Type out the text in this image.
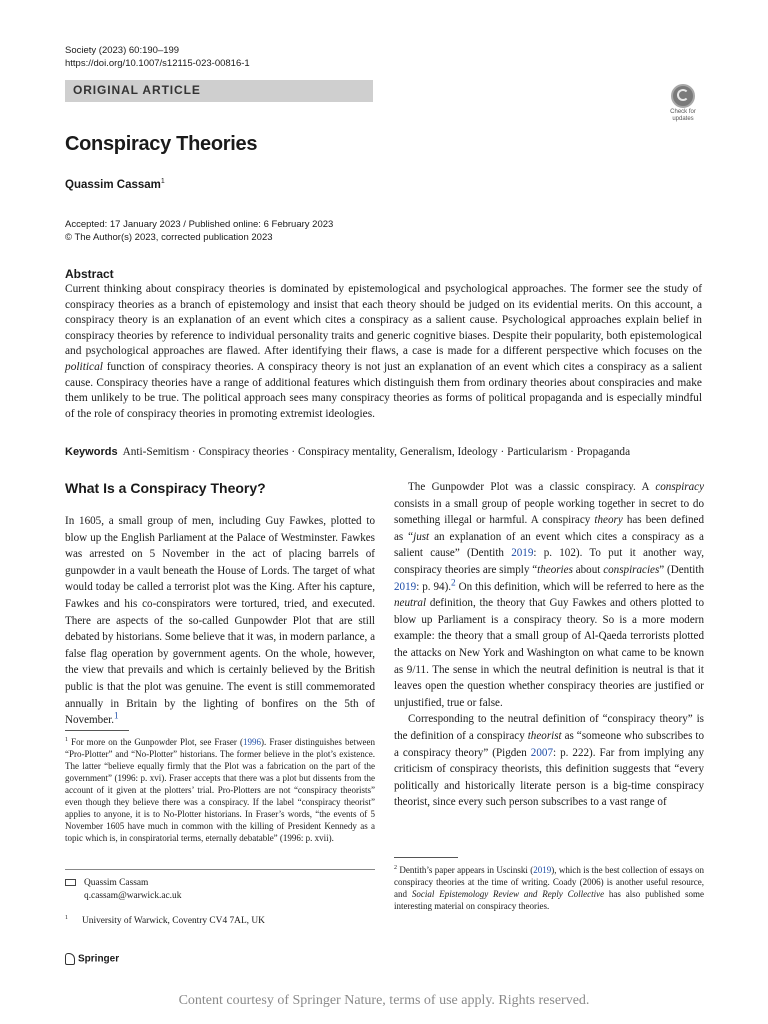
Society (2023) 60:190–199
https://doi.org/10.1007/s12115-023-00816-1
ORIGINAL ARTICLE
Check for
updates
Conspiracy Theories
Quassim Cassam$^1$
Accepted: 17 January 2023 / Published online: 6 February 2023
© The Author(s) 2023, corrected publication 2023
Abstract
Current thinking about conspiracy theories is dominated by epistemological and psychological approaches. The former see the study of conspiracy theories as a branch of epistemology and insist that each theory should be judged on its evidential merits. On this account, a conspiracy theory is an explanation of an event which cites a conspiracy as a salient cause. Psychological approaches explain belief in conspiracy theories by reference to individual personality traits and generic cognitive biases. Despite their popularity, both epistemological and psychological approaches are flawed. After identifying their flaws, a case is made for a different perspective which focuses on the political function of conspiracy theories. A conspiracy theory is not just an explanation of an event which cites a conspiracy as a salient cause. Conspiracy theories have a range of additional features which distinguish them from ordinary theories about conspiracies and make them unlikely to be true. The political approach sees many conspiracy theories as forms of political propaganda and is especially mindful of the role of conspiracy theories in promoting extremist ideologies.
Keywords Anti-Semitism · Conspiracy theories · Conspiracy mentality, Generalism, Ideology · Particularism · Propaganda
What Is a Conspiracy Theory?

In 1605, a small group of men, including Guy Fawkes, plotted to blow up the English Parliament at the Palace of Westminster. Fawkes was arrested on 5 November in the act of placing barrels of gunpowder in a vault beneath the House of Lords. The target of what would today be called a terrorist plot was the King. After his capture, Fawkes and his co-conspirators were tortured, tried, and executed. There are aspects of the so-called Gunpowder Plot that are still debated by historians. Some believe that it was, in modern parlance, a false flag operation by government agents. On the whole, however, the view that prevails and which is certainly believed by the British public is that the plot was genuine. The event is still commemorated annually in Britain by the lighting of bonfires on the 5th of November.$^1$

$^1$ For more on the Gunpowder Plot, see Fraser (1996). Fraser distinguishes between “Pro-Plotter” and “No-Plotter” historians. The former believe in the plot’s existence. The latter “believe equally firmly that the Plot was a fabrication on the part of the government” (1996: p. xvi). Fraser accepts that there was a plot but dissents from the account of it given at the plotters’ trial. Pro-Plotters are not “conspiracy theorists” even though they believe there was a conspiracy. If the label “conspiracy theorist” applies to anyone, it is to No-Plotter historians. In Fraser’s words, “the events of 5 November 1605 have much in common with the killing of President Kennedy as a topic which is, in conspiratorial terms, eternally debatable” (1996: p. xvii).

The Gunpowder Plot was a classic conspiracy. A conspiracy consists in a small group of people working together in secret to do something illegal or harmful. A conspiracy theory has been defined as “just an explanation of an event which cites a conspiracy as a salient cause” (Dentith 2019: p. 102). To put it another way, conspiracy theories are simply “theories about conspiracies” (Dentith 2019: p. 94).$^2$ On this definition, which will be referred to here as the neutral definition, the theory that Guy Fawkes and others plotted to blow up Parliament is a conspiracy theory. So is a more modern example: the theory that a small group of Al-Qaeda terrorists plotted the attacks on New York and Washington on what came to be known as 9/11. The sense in which the neutral definition is neutral is that it leaves open the question whether conspiracy theories are justified or unjustified, true or false.

Corresponding to the neutral definition of “conspiracy theory” is the definition of a conspiracy theorist as “someone who subscribes to a conspiracy theory” (Pigden 2007: p. 222). Far from implying any criticism of conspiracy theorists, this definition suggests that “every politically and historically literate person is a big-time conspiracy theorist, since every such person subscribes to a vast range of

$^2$ Dentith’s paper appears in Uscinski (2019), which is the best collection of essays on conspiracy theories at the time of writing. Coady (2006) is another useful resource, and Social Epistemology Review and Reply Collective has also published some interesting material on conspiracy theories.
Quassim Cassam
q.cassam@warwick.ac.uk
$^1$ University of Warwick, Coventry CV4 7AL, UK
Springer
Content courtesy of Springer Nature, terms of use apply. Rights reserved.
